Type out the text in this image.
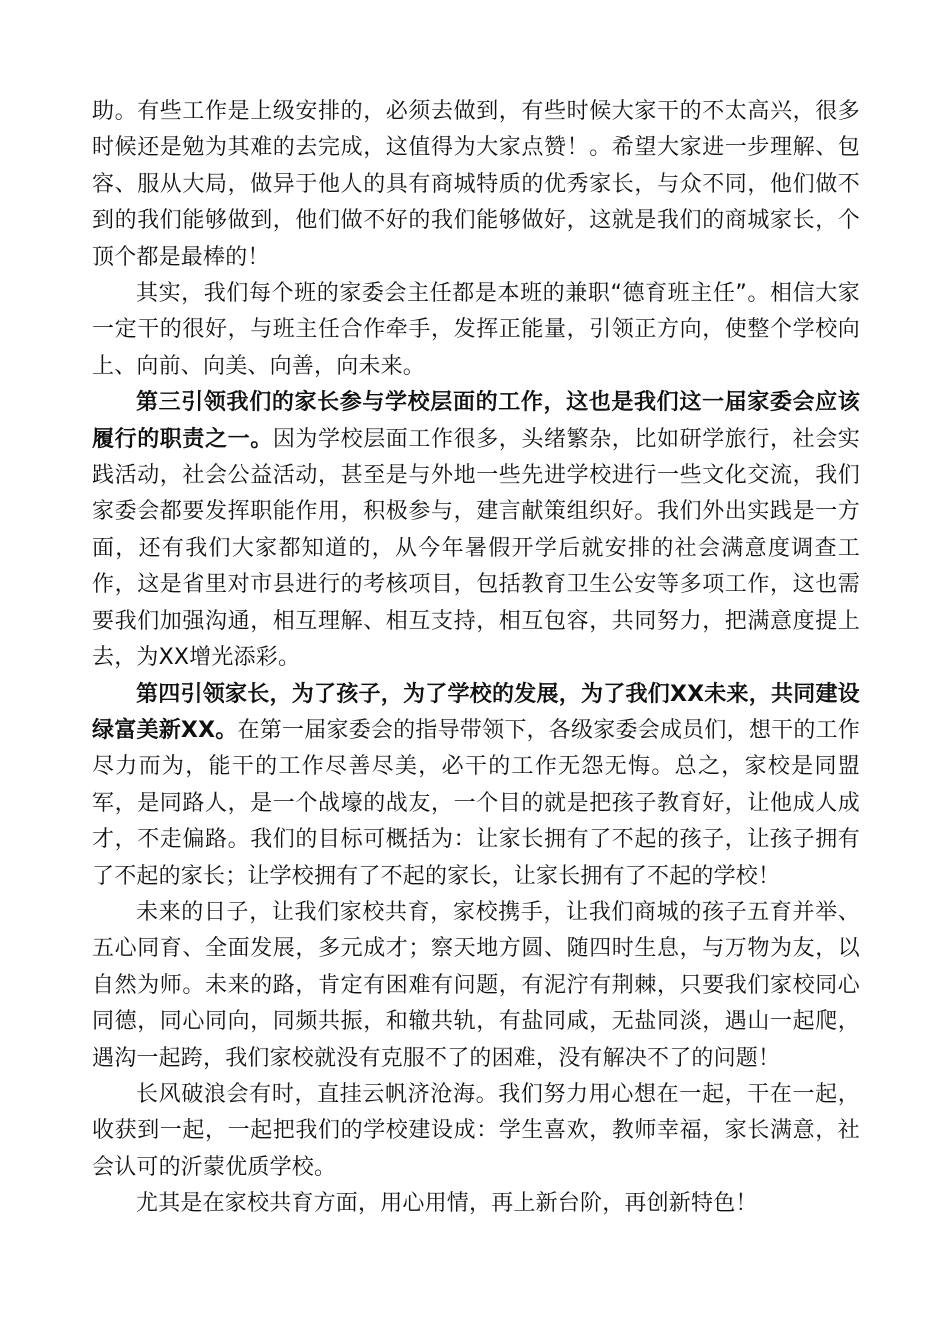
助。有些工作是上级安排的，必须去做到，有些时候大家干的不太高兴，很多时候还是勉为其难的去完成，这值得为大家点赞！。希望大家进一步理解、包容、服从大局，做异于他人的具有商城特质的优秀家长，与众不同，他们做不到的我们能够做到，他们做不好的我们能够做好，这就是我们的商城家长，个顶个都是最棒的！

其实，我们每个班的家委会主任都是本班的兼职“德育班主任”。相信大家一定干的很好，与班主任合作牵手，发挥正能量，引领正方向，使整个学校向上、向前、向美、向善，向未来。

第三引领我们的家长参与学校层面的工作，这也是我们这一届家委会应该履行的职责之一。因为学校层面工作很多，头绪繁杂，比如研学旅行，社会实践活动，社会公益活动，甚至是与外地一些先进学校进行一些文化交流，我们家委会都要发挥职能作用，积极参与，建言献策组织好。我们外出实践是一方面，还有我们大家都知道的，从今年暑假开学后就安排的社会满意度调查工作，这是省里对市县进行的考核项目，包括教育卫生公安等多项工作，这也需要我们加强沟通，相互理解、相互支持，相互包容，共同努力，把满意度提上去，为XX增光添彩。

第四引领家长，为了孩子，为了学校的发展，为了我们XX未来，共同建设绿富美新XX。在第一届家委会的指导带领下，各级家委会成员们，想干的工作尽力而为，能干的工作尽善尽美，必干的工作无怨无悔。总之，家校是同盟军，是同路人，是一个战壕的战友，一个目的就是把孩子教育好，让他成人成才，不走偏路。我们的目标可概括为：让家长拥有了不起的孩子，让孩子拥有了不起的家长；让学校拥有了不起的家长，让家长拥有了不起的学校！

未来的日子，让我们家校共育，家校携手，让我们商城的孩子五育并举、五心同育、全面发展，多元成才；察天地方圆、随四时生息，与万物为友，以自然为师。未来的路，肯定有困难有问题，有泥泞有荆棘，只要我们家校同心同德，同心同向，同频共振，和辙共轨，有盐同咸，无盐同淡，遇山一起爬，遇沟一起跨，我们家校就没有克服不了的困难，没有解决不了的问题！

长风破浪会有时，直挂云帆济沧海。我们努力用心想在一起，干在一起，收获到一起，一起把我们的学校建设成：学生喜欢，教师幸福，家长满意，社会认可的沂蒙优质学校。

尤其是在家校共育方面，用心用情，再上新台阶，再创新特色！
